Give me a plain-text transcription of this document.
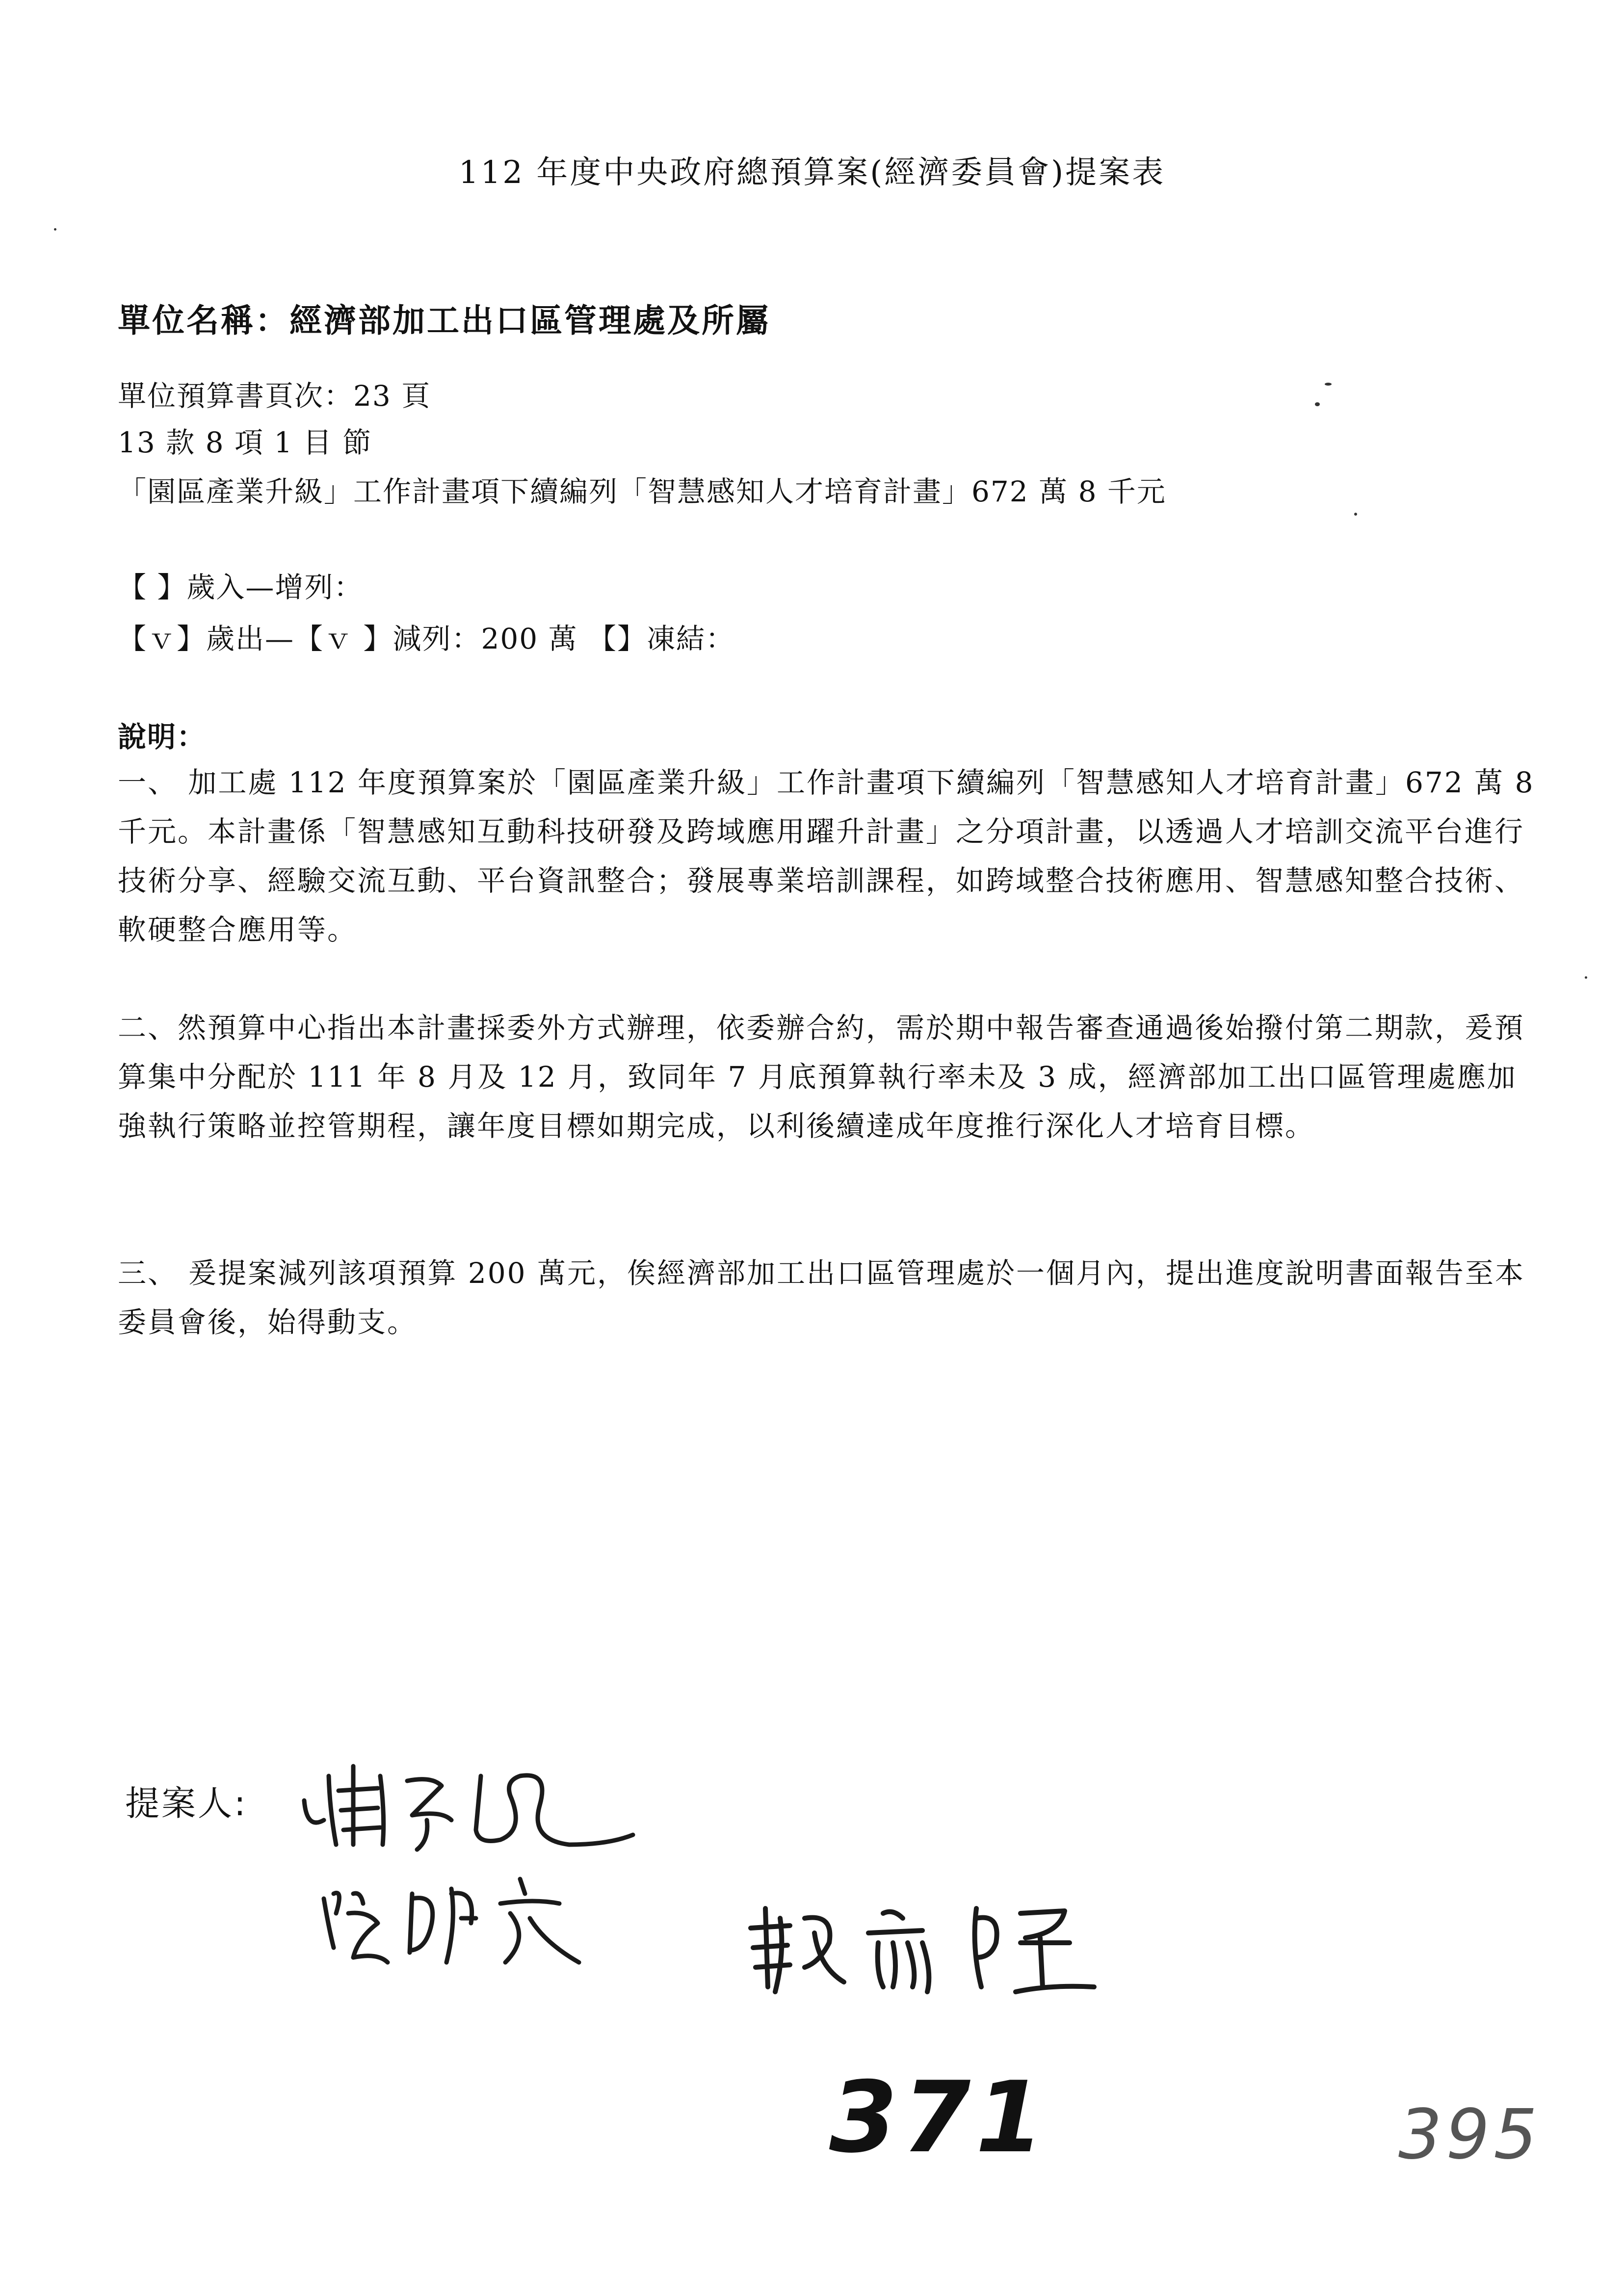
112 年度中央政府總預算案(經濟委員會)提案表
單位名稱：經濟部加工出口區管理處及所屬
單位預算書頁次：23 頁
13 款 8 項 1 目 節
「園區產業升級」工作計畫項下續編列「智慧感知人才培育計畫」672 萬 8 千元
【 】歲入—增列：
【ｖ】歲出—【ｖ 】減列：200 萬 【】凍結：
說明：

一、 加工處 112 年度預算案於「園區產業升級」工作計畫項下續編列「智慧感知人才培育計畫」672 萬 8 千元。本計畫係「智慧感知互動科技研發及跨域應用躍升計畫」之分項計畫，以透過人才培訓交流平台進行技術分享、經驗交流互動、平台資訊整合；發展專業培訓課程，如跨域整合技術應用、智慧感知整合技術、軟硬整合應用等。

二、然預算中心指出本計畫採委外方式辦理，依委辦合約，需於期中報告審查通過後始撥付第二期款，爰預算集中分配於 111 年 8 月及 12 月，致同年 7 月底預算執行率未及 3 成，經濟部加工出口區管理處應加強執行策略並控管期程，讓年度目標如期完成，以利後續達成年度推行深化人才培育目標。

三、 爰提案減列該項預算 200 萬元，俟經濟部加工出口區管理處於一個月內，提出進度說明書面報告至本委員會後，始得動支。

提案人:
371	395
